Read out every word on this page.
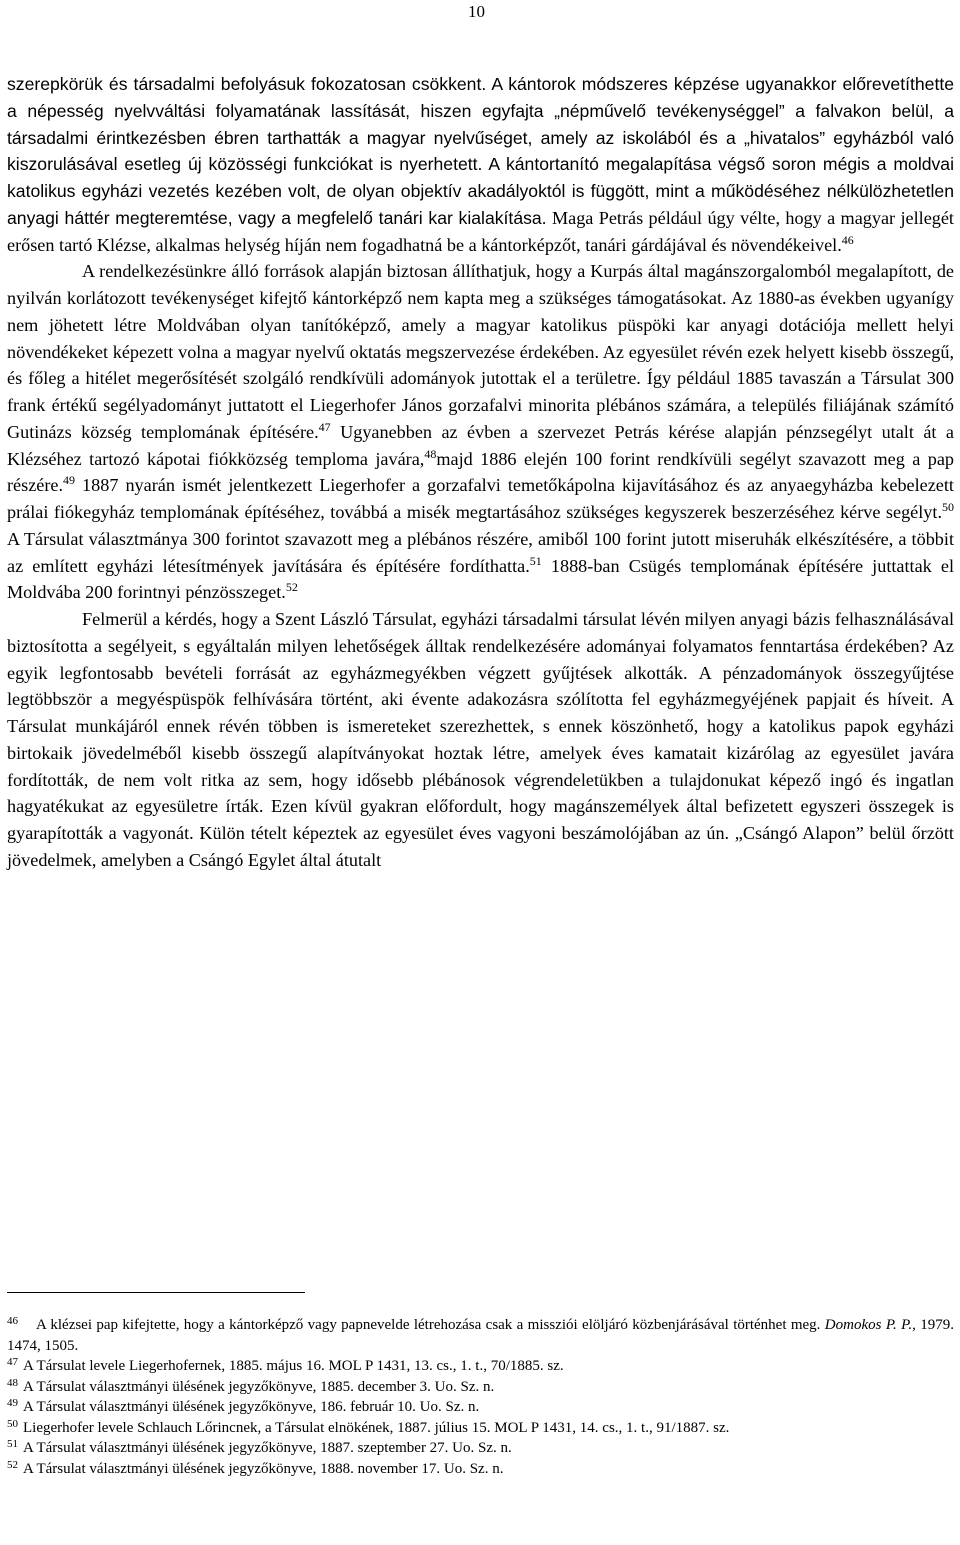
10

szerepkörük és társadalmi befolyásuk fokozatosan csökkent. A kántorok módszeres képzése ugyanakkor előrevetíthette a népesség nyelvváltási folyamatának lassítását, hiszen egyfajta „népművelő tevékenységgel” a falvakon belül, a társadalmi érintkezésben ébren tarthatták a magyar nyelvűséget, amely az iskolából és a „hivatalos” egyházból való kiszorulásával esetleg új közösségi funkciókat is nyerhetett. A kántortanító megalapítása végső soron mégis a moldvai katolikus egyházi vezetés kezében volt, de olyan objektív akadályoktól is függött, mint a működéséhez nélkülözhetetlen anyagi háttér megteremtése, vagy a megfelelő tanári kar kialakítása. Maga Petrás például úgy vélte, hogy a magyar jellegét erősen tartó Klézse, alkalmas helység híján nem fogadhatná be a kántorképzőt, tanári gárdájával és növendékeivel.$^{46}$

A rendelkezésünkre álló források alapján biztosan állíthatjuk, hogy a Kurpás által magánszorgalomból megalapított, de nyilván korlátozott tevékenységet kifejtő kántorképző nem kapta meg a szükséges támogatásokat. Az 1880-as években ugyanígy nem jöhetett létre Moldvában olyan tanítóképző, amely a magyar katolikus püspöki kar anyagi dotációja mellett helyi növendékeket képezett volna a magyar nyelvű oktatás megszervezése érdekében. Az egyesület révén ezek helyett kisebb összegű, és főleg a hitélet megerősítését szolgáló rendkívüli adományok jutottak el a területre. Így például 1885 tavaszán a Társulat 300 frank értékű segélyadományt juttatott el Liegerhofer János gorzafalvi minorita plébános számára, a település filiájának számító Gutinázs község templomának építésére.$^{47}$ Ugyanebben az évben a szervezet Petrás kérése alapján pénzsegélyt utalt át a Klézséhez tartozó kápotai fiókközség temploma javára,$^{48}$majd 1886 elején 100 forint rendkívüli segélyt szavazott meg a pap részére.$^{49}$ 1887 nyarán ismét jelentkezett Liegerhofer a gorzafalvi temetőkápolna kijavításához és az anyaegyházba kebelezett prálai fiókegyház templomának építéséhez, továbbá a misék megtartásához szükséges kegyszerek beszerzéséhez kérve segélyt.$^{50}$ A Társulat választmánya 300 forintot szavazott meg a plébános részére, amiből 100 forint jutott miseruhák elkészítésére, a többit az említett egyházi létesítmények javítására és építésére fordíthatta.$^{51}$ 1888-ban Csügés templomának építésére juttattak el Moldvába 200 forintnyi pénzösszeget.$^{52}$

Felmerül a kérdés, hogy a Szent László Társulat, egyházi társadalmi társulat lévén milyen anyagi bázis felhasználásával biztosította a segélyeit, s egyáltalán milyen lehetőségek álltak rendelkezésére adományai folyamatos fenntartása érdekében? Az egyik legfontosabb bevételi forrását az egyházmegyékben végzett gyűjtések alkották. A pénzadományok összegyűjtése legtöbbször a megyéspüspök felhívására történt, aki évente adakozásra szólította fel egyházmegyéjének papjait és híveit. A Társulat munkájáról ennek révén többen is ismereteket szerezhettek, s ennek köszönhető, hogy a katolikus papok egyházi birtokaik jövedelméből kisebb összegű alapítványokat hoztak létre, amelyek éves kamatait kizárólag az egyesület javára fordították, de nem volt ritka az sem, hogy idősebb plébánosok végrendeletükben a tulajdonukat képező ingó és ingatlan hagyatékukat az egyesületre írták. Ezen kívül gyakran előfordult, hogy magánszemélyek által befizetett egyszeri összegek is gyarapították a vagyonát. Külön tételt képeztek az egyesület éves vagyoni beszámolójában az ún. „Csángó Alapon” belül őrzött jövedelmek, amelyben a Csángó Egylet által átutalt

$^{46}$ A klézsei pap kifejtette, hogy a kántorképző vagy papnevelde létrehozása csak a missziói elöljáró közbenjárásával történhet meg. Domokos P. P., 1979. 1474, 1505.

$^{47}$ A Társulat levele Liegerhofernek, 1885. május 16. MOL P 1431, 13. cs., 1. t., 70/1885. sz.

$^{48}$ A Társulat választmányi ülésének jegyzőkönyve, 1885. december 3. Uo. Sz. n.

$^{49}$ A Társulat választmányi ülésének jegyzőkönyve, 186. február 10. Uo. Sz. n.

$^{50}$ Liegerhofer levele Schlauch Lőrincnek, a Társulat elnökének, 1887. július 15. MOL P 1431, 14. cs., 1. t., 91/1887. sz.

$^{51}$ A Társulat választmányi ülésének jegyzőkönyve, 1887. szeptember 27. Uo. Sz. n.

$^{52}$ A Társulat választmányi ülésének jegyzőkönyve, 1888. november 17. Uo. Sz. n.
